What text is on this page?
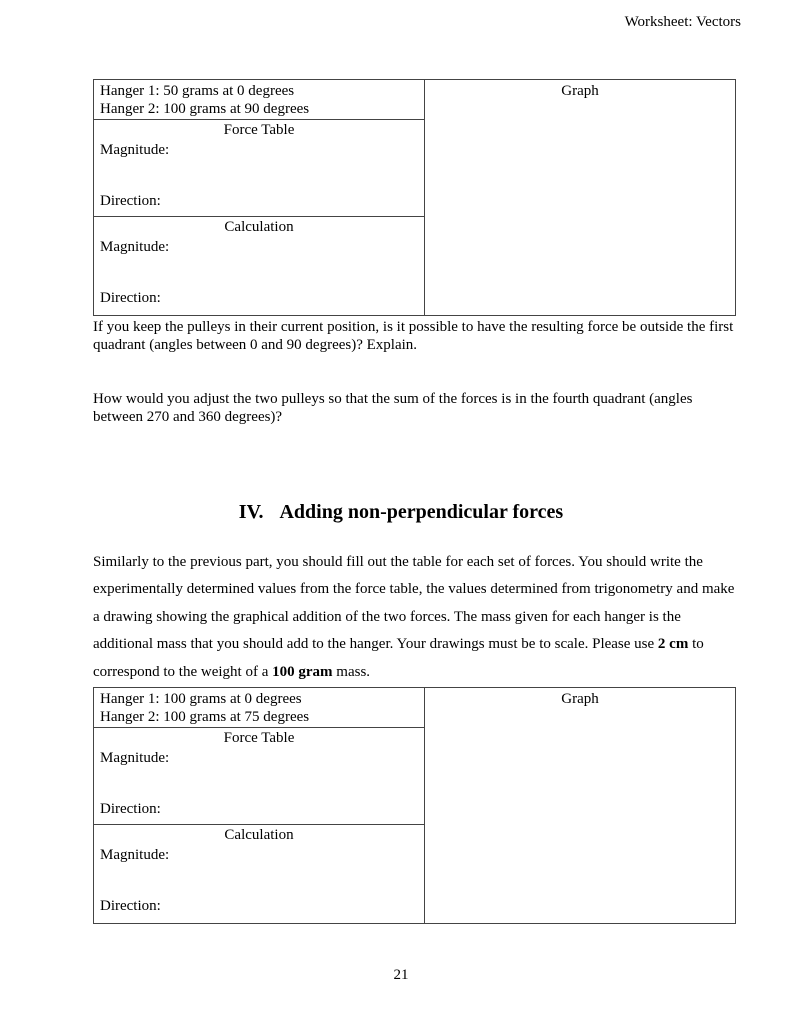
Worksheet: Vectors
Hanger 1: 50 grams at 0 degrees
Hanger 2: 100 grams at 90 degrees
Force Table
Magnitude:
Direction:
Calculation
Magnitude:
Direction:
Graph
If you keep the pulleys in their current position, is it possible to have the resulting force be outside the first quadrant (angles between 0 and 90 degrees)? Explain.
How would you adjust the two pulleys so that the sum of the forces is in the fourth quadrant (angles between 270 and 360 degrees)?
IV. Adding non-perpendicular forces
Similarly to the previous part, you should fill out the table for each set of forces. You should write the experimentally determined values from the force table, the values determined from trigonometry and make a drawing showing the graphical addition of the two forces. The mass given for each hanger is the additional mass that you should add to the hanger. Your drawings must be to scale. Please use 2 cm to correspond to the weight of a 100 gram mass.
Hanger 1: 100 grams at 0 degrees
Hanger 2: 100 grams at 75 degrees
Force Table
Magnitude:
Direction:
Calculation
Magnitude:
Direction:
Graph
21
